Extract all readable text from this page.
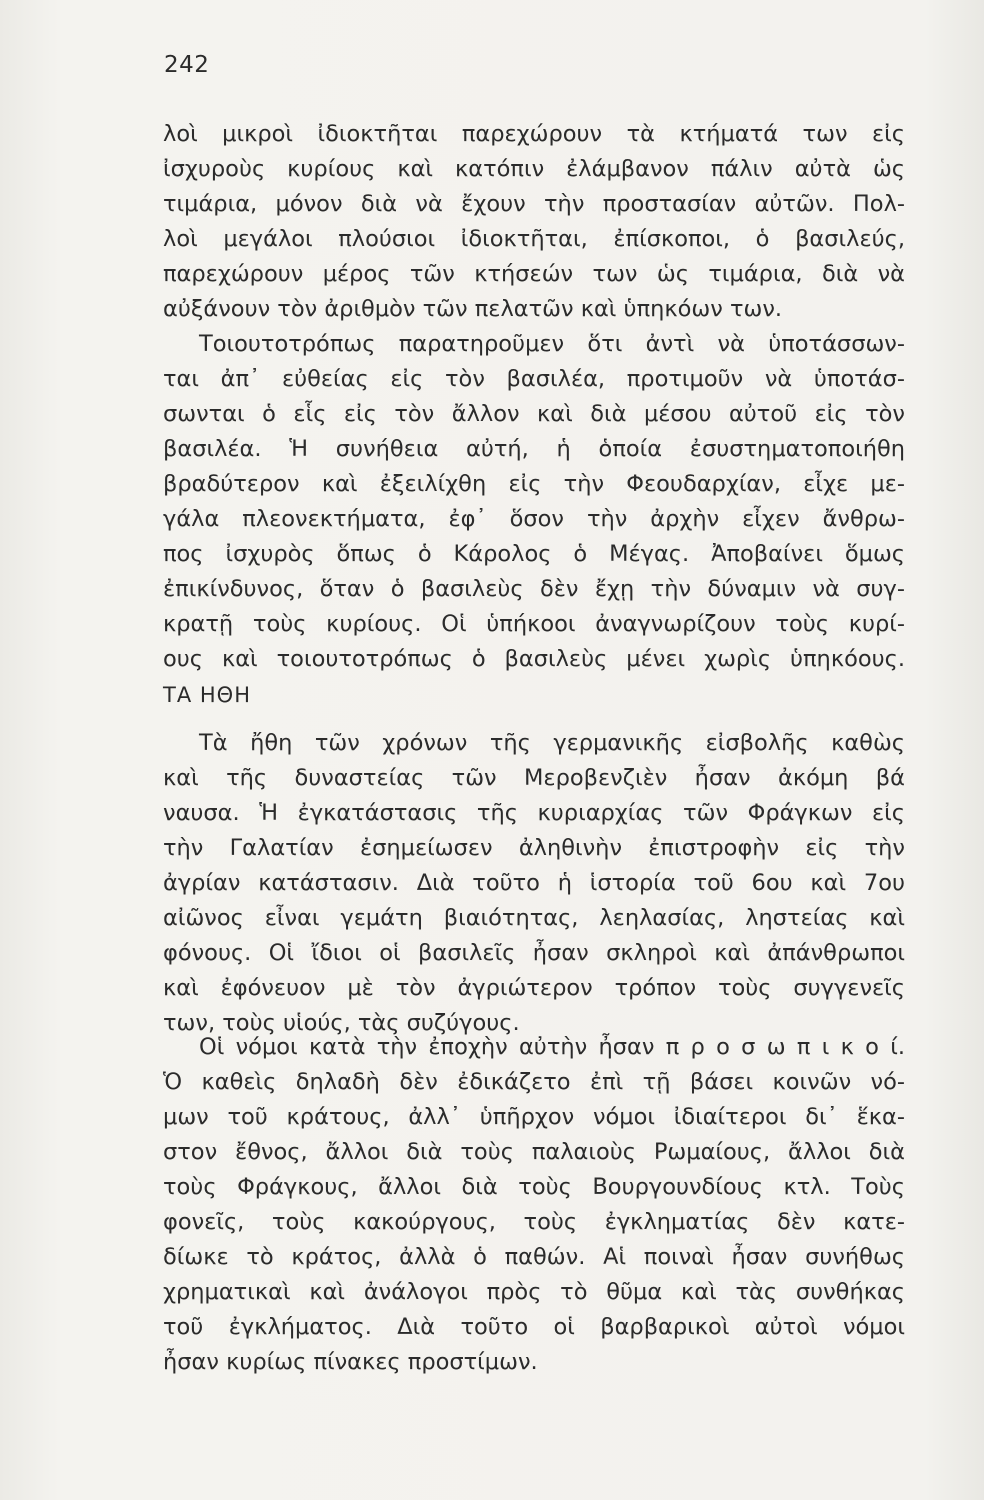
242
λοὶ μικροὶ ἰδιοκτῆται παρεχώρουν τὰ κτήματά των εἰς
ἰσχυροὺς κυρίους καὶ κατόπιν ἐλάμβανον πάλιν αὐτὰ ὡς
τιμάρια, μόνον διὰ νὰ ἔχουν τὴν προστασίαν αὐτῶν. Πολ-
λοὶ μεγάλοι πλούσιοι ἰδιοκτῆται, ἐπίσκοποι, ὁ βασιλεύς,
παρεχώρουν μέρος τῶν κτήσεών των ὡς τιμάρια, διὰ νὰ
αὐξάνουν τὸν ἀριθμὸν τῶν πελατῶν καὶ ὑπηκόων των.
Τοιουτοτρόπως παρατηροῦμεν ὅτι ἀντὶ νὰ ὑποτάσσων-
ται ἀπ᾽ εὐθείας εἰς τὸν βασιλέα, προτιμοῦν νὰ ὑποτάσ-
σωνται ὁ εἷς εἰς τὸν ἄλλον καὶ διὰ μέσου αὐτοῦ εἰς τὸν
βασιλέα. Ἡ συνήθεια αὐτή, ἡ ὁποία ἐσυστηματοποιήθη
βραδύτερον καὶ ἐξειλίχθη εἰς τὴν Φεουδαρχίαν, εἶχε με-
γάλα πλεονεκτήματα, ἐφ᾽ ὅσον τὴν ἀρχὴν εἶχεν ἄνθρω-
πος ἰσχυρὸς ὅπως ὁ Κάρολος ὁ Μέγας. Ἀποβαίνει ὅμως
ἐπικίνδυνος, ὅταν ὁ βασιλεὺς δὲν ἔχῃ τὴν δύναμιν νὰ συγ-
κρατῇ τοὺς κυρίους. Οἱ ὑπήκοοι ἀναγνωρίζουν τοὺς κυρί-
ους καὶ τοιουτοτρόπως ὁ βασιλεὺς μένει χωρὶς ὑπηκόους.
ΤΑ ΗΘΗ
Τὰ ἤθη τῶν χρόνων τῆς γερμανικῆς εἰσβολῆς καθὼς
καὶ τῆς δυναστείας τῶν Μεροβενζιὲν ἦσαν ἀκόμη βά
ναυσα. Ἡ ἐγκατάστασις τῆς κυριαρχίας τῶν Φράγκων εἰς
τὴν Γαλατίαν ἐσημείωσεν ἀληθινὴν ἐπιστροφὴν εἰς τὴν
ἀγρίαν κατάστασιν. Διὰ τοῦτο ἡ ἱστορία τοῦ 6ου καὶ 7ου
αἰῶνος εἶναι γεμάτη βιαιότητας, λεηλασίας, ληστείας καὶ
φόνους. Οἱ ἴδιοι οἱ βασιλεῖς ἦσαν σκληροὶ καὶ ἀπάνθρωποι
καὶ ἐφόνευον μὲ τὸν ἀγριώτερον τρόπον τοὺς συγγενεῖς
των, τοὺς υἱούς, τὰς συζύγους.
Οἱ νόμοι κατὰ τὴν ἐποχὴν αὐτὴν ἦσαν π ρ ο σ ω π ι κ ο ί.
Ὁ καθεὶς δηλαδὴ δὲν ἐδικάζετο ἐπὶ τῇ βάσει κοινῶν νό-
μων τοῦ κράτους, ἀλλ᾽ ὑπῆρχον νόμοι ἰδιαίτεροι δι᾽ ἕκα-
στον ἔθνος, ἄλλοι διὰ τοὺς παλαιοὺς Ρωμαίους, ἄλλοι διὰ
τοὺς Φράγκους, ἄλλοι διὰ τοὺς Βουργουνδίους κτλ. Τοὺς
φονεῖς, τοὺς κακούργους, τοὺς ἐγκληματίας δὲν κατε-
δίωκε τὸ κράτος, ἀλλὰ ὁ παθών. Αἱ ποιναὶ ἦσαν συνήθως
χρηματικαὶ καὶ ἀνάλογοι πρὸς τὸ θῦμα καὶ τὰς συνθήκας
τοῦ ἐγκλήματος. Διὰ τοῦτο οἱ βαρβαρικοὶ αὐτοὶ νόμοι
ἦσαν κυρίως πίνακες προστίμων.
